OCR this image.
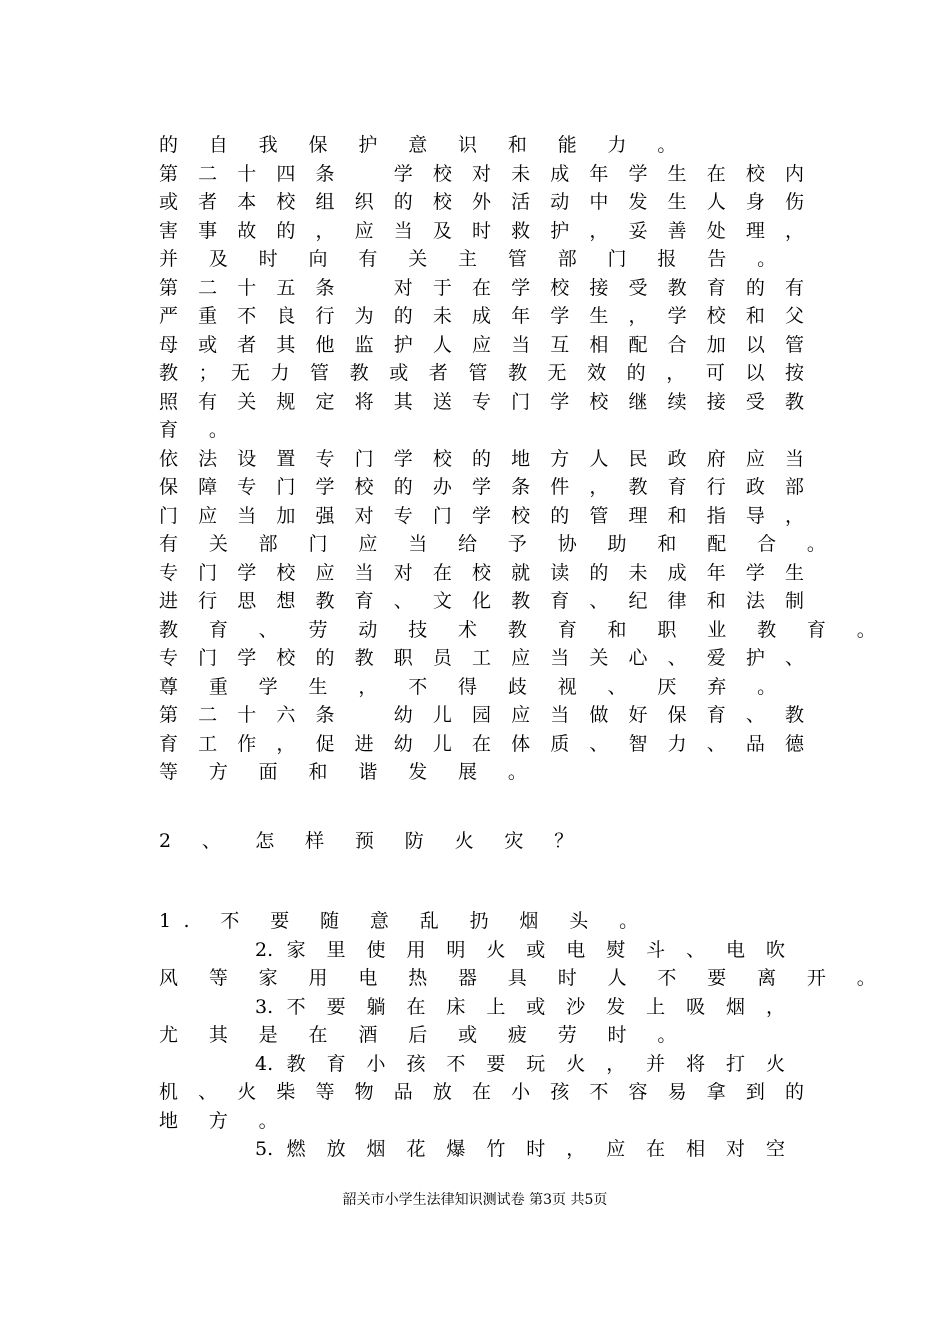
的 自 我 保 护 意 识 和 能 力 。
第 二 十 四 条 　 学 校 对 未 成 年 学 生 在 校 内
或 者 本 校 组 织 的 校 外 活 动 中 发 生 人 身 伤
害 事 故 的 ， 应 当 及 时 救 护 ， 妥 善 处 理 ，
并 及 时 向 有 关 主 管 部 门 报 告 。
第 二 十 五 条 　 对 于 在 学 校 接 受 教 育 的 有
严 重 不 良 行 为 的 未 成 年 学 生 ， 学 校 和 父
母 或 者 其 他 监 护 人 应 当 互 相 配 合 加 以 管
教 ； 无 力 管 教 或 者 管 教 无 效 的 ， 可 以 按
照 有 关 规 定 将 其 送 专 门 学 校 继 续 接 受 教
育 。
依 法 设 置 专 门 学 校 的 地 方 人 民 政 府 应 当
保 障 专 门 学 校 的 办 学 条 件 ， 教 育 行 政 部
门 应 当 加 强 对 专 门 学 校 的 管 理 和 指 导 ，
有 关 部 门 应 当 给 予 协 助 和 配 合 。
专 门 学 校 应 当 对 在 校 就 读 的 未 成 年 学 生
进 行 思 想 教 育 、 文 化 教 育 、 纪 律 和 法 制
教 育 、 劳 动 技 术 教 育 和 职 业 教 育 。
专 门 学 校 的 教 职 员 工 应 当 关 心 、 爱 护 、
尊 重 学 生 ， 不 得 歧 视 、 厌 弃 。
第 二 十 六 条 　 幼 儿 园 应 当 做 好 保 育 、 教
育 工 作 ， 促 进 幼 儿 在 体 质 、 智 力 、 品 德
等 方 面 和 谐 发 展 。
2 、　怎 样 预 防 火 灾 ？
1. 不 要 随 意 乱 扔 烟 头 。
2. 家 里 使 用 明 火 或 电 熨 斗 、 电 吹
风 等 家 用 电 热 器 具 时 人 不 要 离 开 。
3. 不 要 躺 在 床 上 或 沙 发 上 吸 烟 ，
尤 其 是 在 酒 后 或 疲 劳 时 。
4. 教 育 小 孩 不 要 玩 火 ， 并 将 打 火
机 、 火 柴 等 物 品 放 在 小 孩 不 容 易 拿 到 的
地 方 。
5. 燃 放 烟 花 爆 竹 时 ， 应 在 相 对 空
韶关市小学生法律知识测试卷 第3页 共5页
